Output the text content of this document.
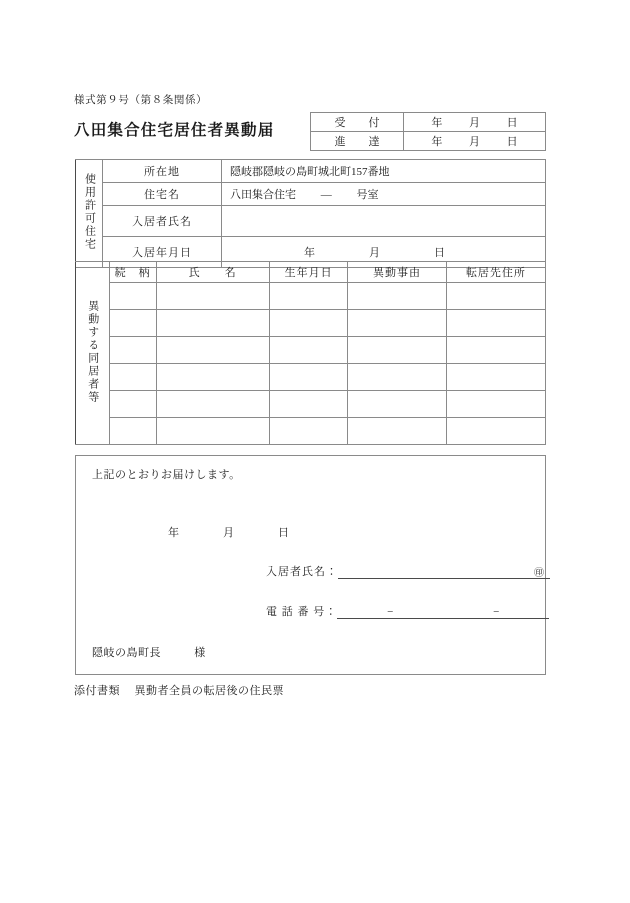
様式第９号（第８条関係）
八田集合住宅居住者異動届	受　付	年 月 日

進　達	年 月 日
使用許可住宅	所在地	隠岐郡隠岐の島町城北町157番地
	住宅名	八田集合住宅 — 号室
	入居者氏名	
	入居年月日	年 月 日
異動する同居者等	続　柄	氏　　名	生年月日	異動事由	転居先住所

上記のとおりお届けします。
年	月	日
入居者氏名：	㊞
電 話 番 号：	−	−
隠岐の島町長	様
添付書類 異動者全員の転居後の住民票
